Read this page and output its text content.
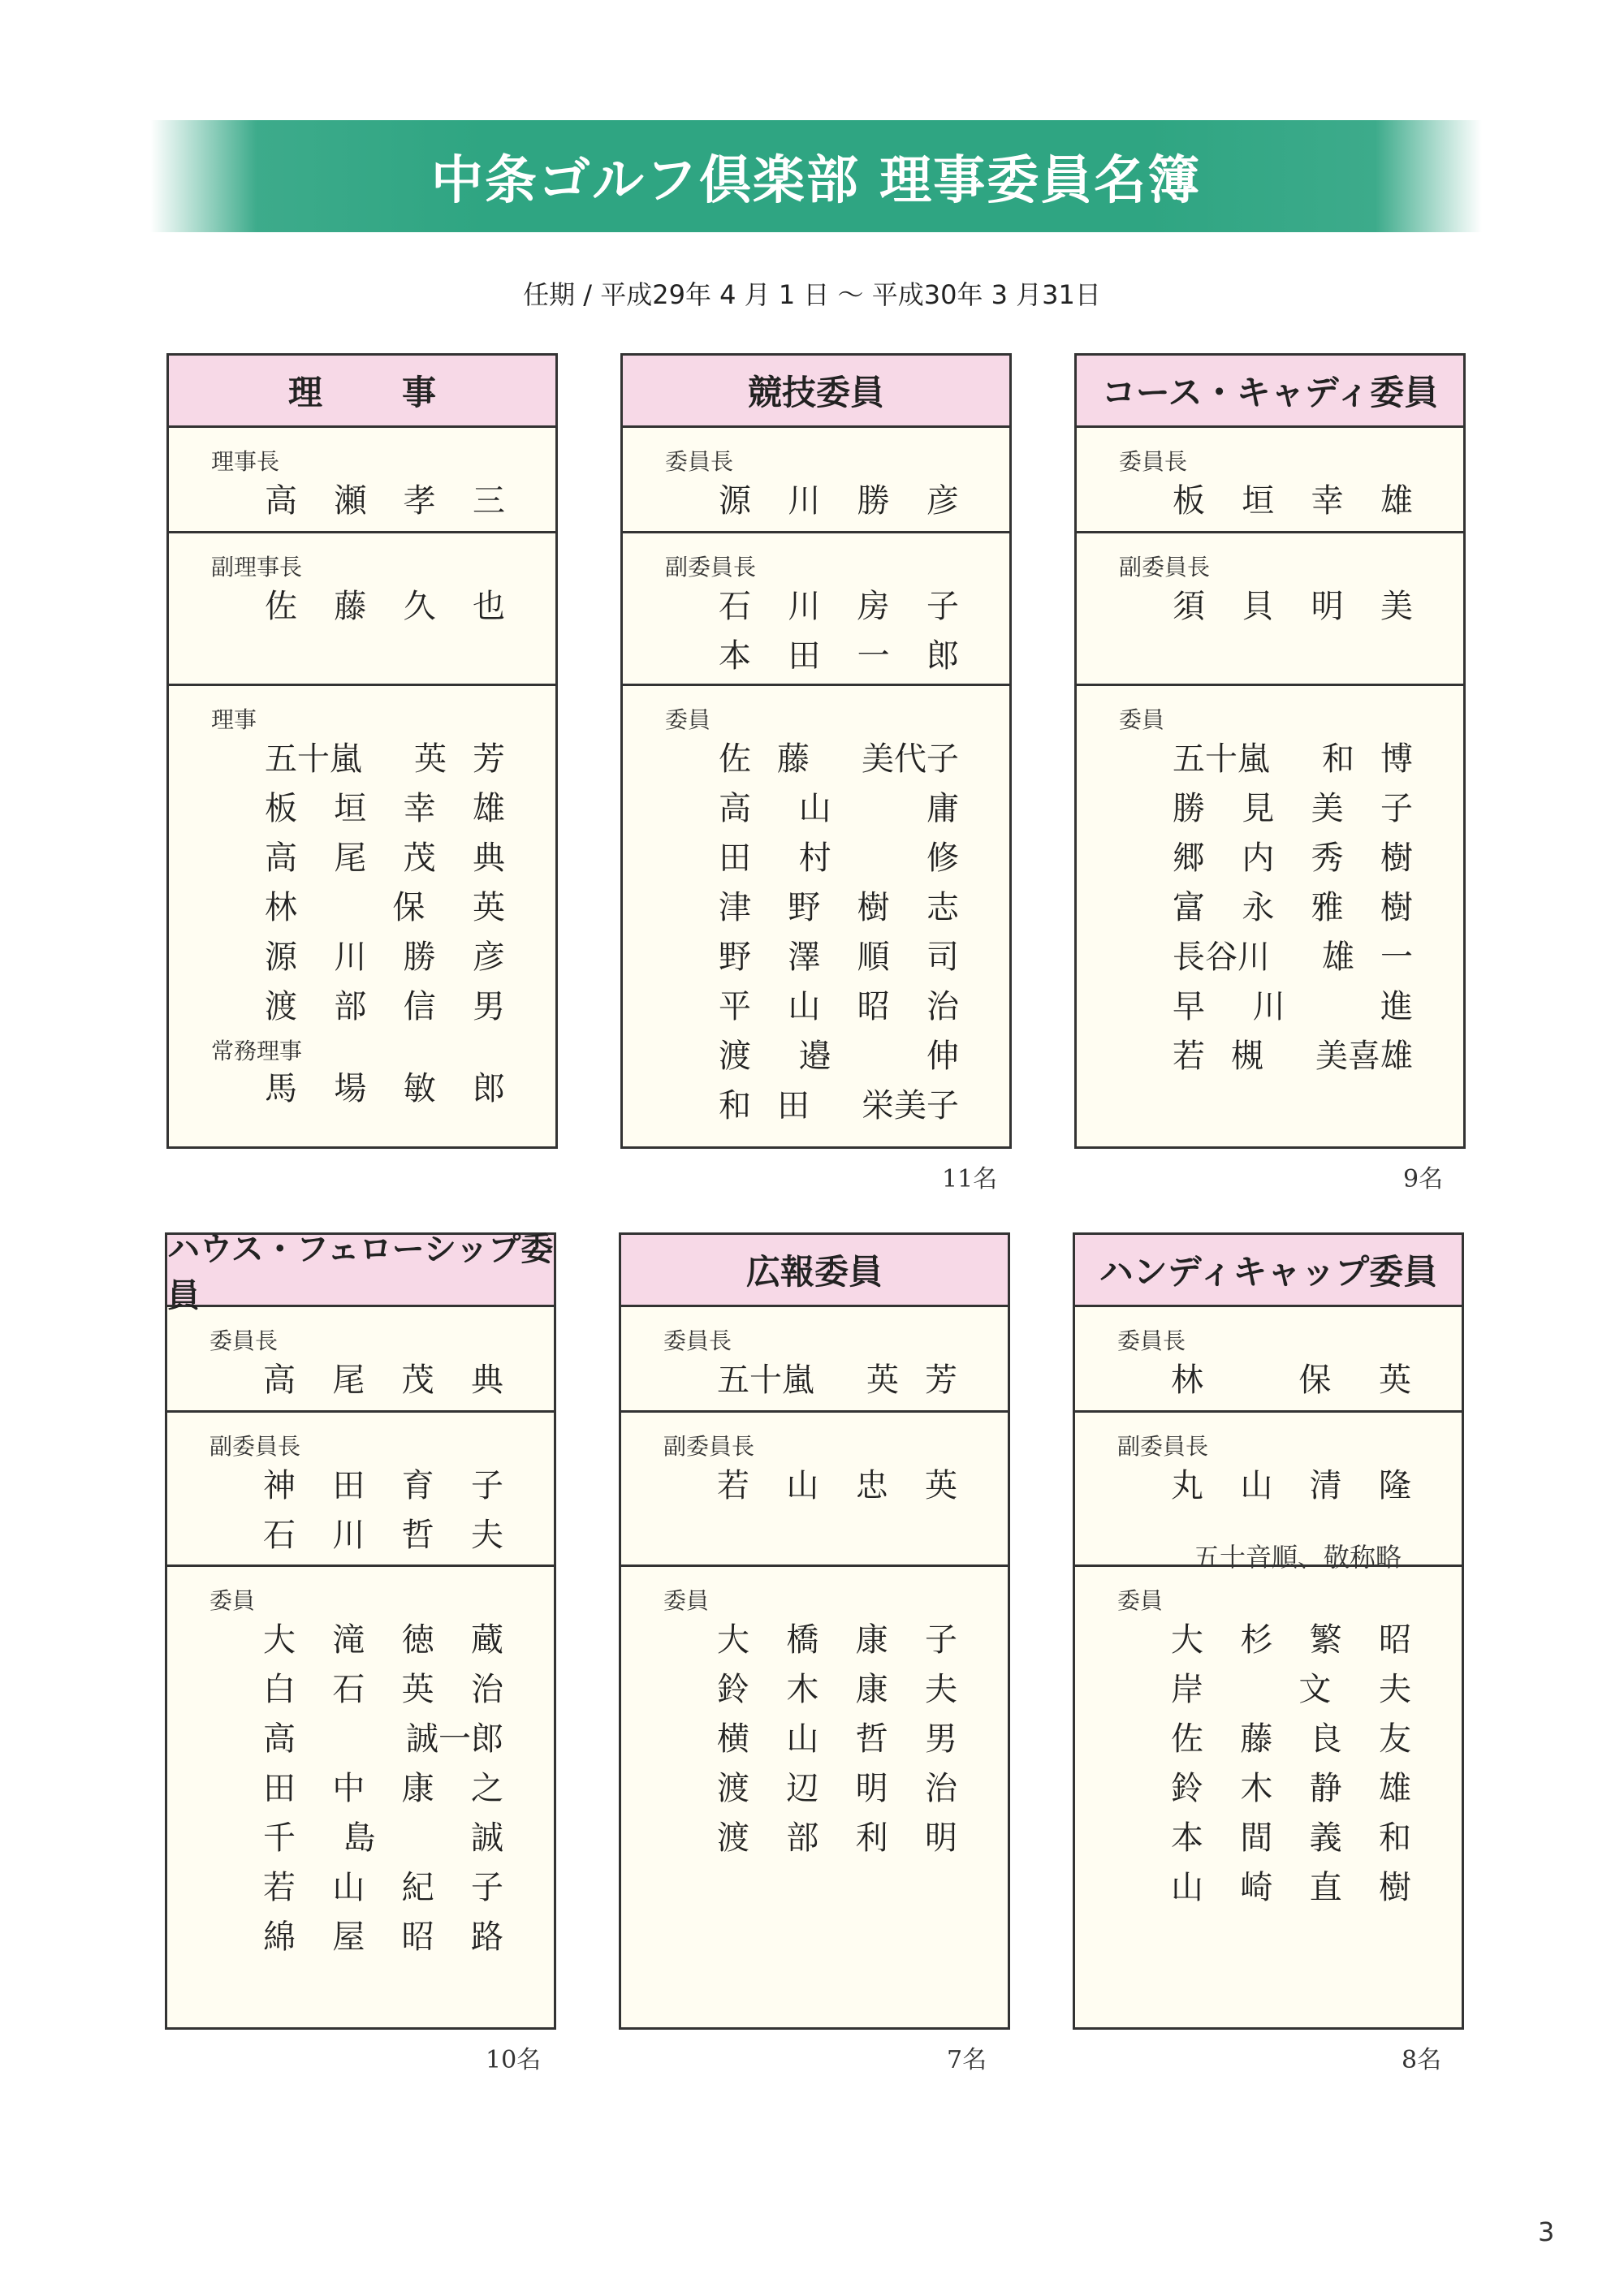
中条ゴルフ倶楽部 理事委員名簿
任期 / 平成29年 4 月 1 日 〜 平成30年 3 月31日
理　事
理事長
高 瀬 孝 三
副理事長
佐 藤 久 也
理事
五十嵐 英 芳
板 垣 幸 雄
高 尾 茂 典
林	保 英
源 川 勝 彦
渡 部 信 男
常務理事
馬 場 敏 郎
競技委員
委員長
源 川 勝 彦
副委員長
石 川 房 子
本 田 一 郎
委員
佐 藤 美代子
高 山	庸
田 村	修
津 野 樹 志
野 澤 順 司
平 山 昭 治
渡 邉	伸
和 田 栄美子
11名
コース・キャディ委員
委員長
板 垣 幸 雄
副委員長
須 貝 明 美
委員
五十嵐 和 博
勝 見 美 子
郷 内 秀 樹
富 永 雅 樹
長谷川 雄 一
早 川	進
若 槻 美喜雄
9名
ハウス・フェローシップ委員
委員長
高 尾 茂 典
副委員長
神 田 育 子
石 川 哲 夫
委員
大 滝 徳 蔵
白 石 英 治
高	誠一郎
田 中 康 之
千 島	誠
若 山 紀 子
綿 屋 昭 路
10名
広報委員
委員長
五十嵐 英 芳
副委員長
若 山 忠 英
委員
大 橋 康 子
鈴 木 康 夫
横 山 哲 男
渡 辺 明 治
渡 部 利 明
7名
ハンディキャップ委員
委員長
林	保 英
副委員長
丸 山 清 隆
委員
大 杉 繁 昭
岸	文 夫
佐 藤 良 友
鈴 木 静 雄
本 間 義 和
山 崎 直 樹
8名
五十音順、敬称略
3
